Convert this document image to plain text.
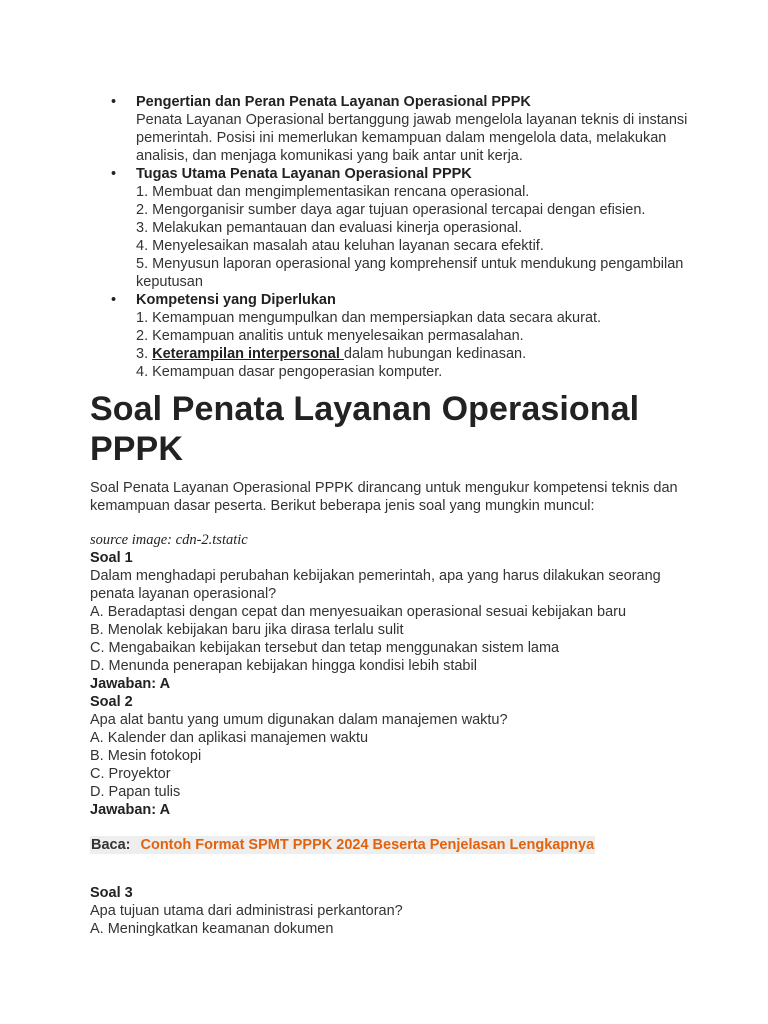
• Pengertian dan Peran Penata Layanan Operasional PPPK
Penata Layanan Operasional bertanggung jawab mengelola layanan teknis di instansi pemerintah. Posisi ini memerlukan kemampuan dalam mengelola data, melakukan analisis, dan menjaga komunikasi yang baik antar unit kerja.
• Tugas Utama Penata Layanan Operasional PPPK
1. Membuat dan mengimplementasikan rencana operasional.
2. Mengorganisir sumber daya agar tujuan operasional tercapai dengan efisien.
3. Melakukan pemantauan dan evaluasi kinerja operasional.
4. Menyelesaikan masalah atau keluhan layanan secara efektif.
5. Menyusun laporan operasional yang komprehensif untuk mendukung pengambilan keputusan
• Kompetensi yang Diperlukan
1. Kemampuan mengumpulkan dan mempersiapkan data secara akurat.
2. Kemampuan analitis untuk menyelesaikan permasalahan.
3. Keterampilan interpersonal dalam hubungan kedinasan.
4. Kemampuan dasar pengoperasian komputer.
Soal Penata Layanan Operasional PPPK
Soal Penata Layanan Operasional PPPK dirancang untuk mengukur kompetensi teknis dan kemampuan dasar peserta. Berikut beberapa jenis soal yang mungkin muncul:
source image: cdn-2.tstatic
Soal 1
Dalam menghadapi perubahan kebijakan pemerintah, apa yang harus dilakukan seorang penata layanan operasional?
A. Beradaptasi dengan cepat dan menyesuaikan operasional sesuai kebijakan baru
B. Menolak kebijakan baru jika dirasa terlalu sulit
C. Mengabaikan kebijakan tersebut dan tetap menggunakan sistem lama
D. Menunda penerapan kebijakan hingga kondisi lebih stabil
Jawaban: A
Soal 2
Apa alat bantu yang umum digunakan dalam manajemen waktu?
A. Kalender dan aplikasi manajemen waktu
B. Mesin fotokopi
C. Proyektor
D. Papan tulis
Jawaban: A
Baca: Contoh Format SPMT PPPK 2024 Beserta Penjelasan Lengkapnya
Soal 3
Apa tujuan utama dari administrasi perkantoran?
A. Meningkatkan keamanan dokumen
